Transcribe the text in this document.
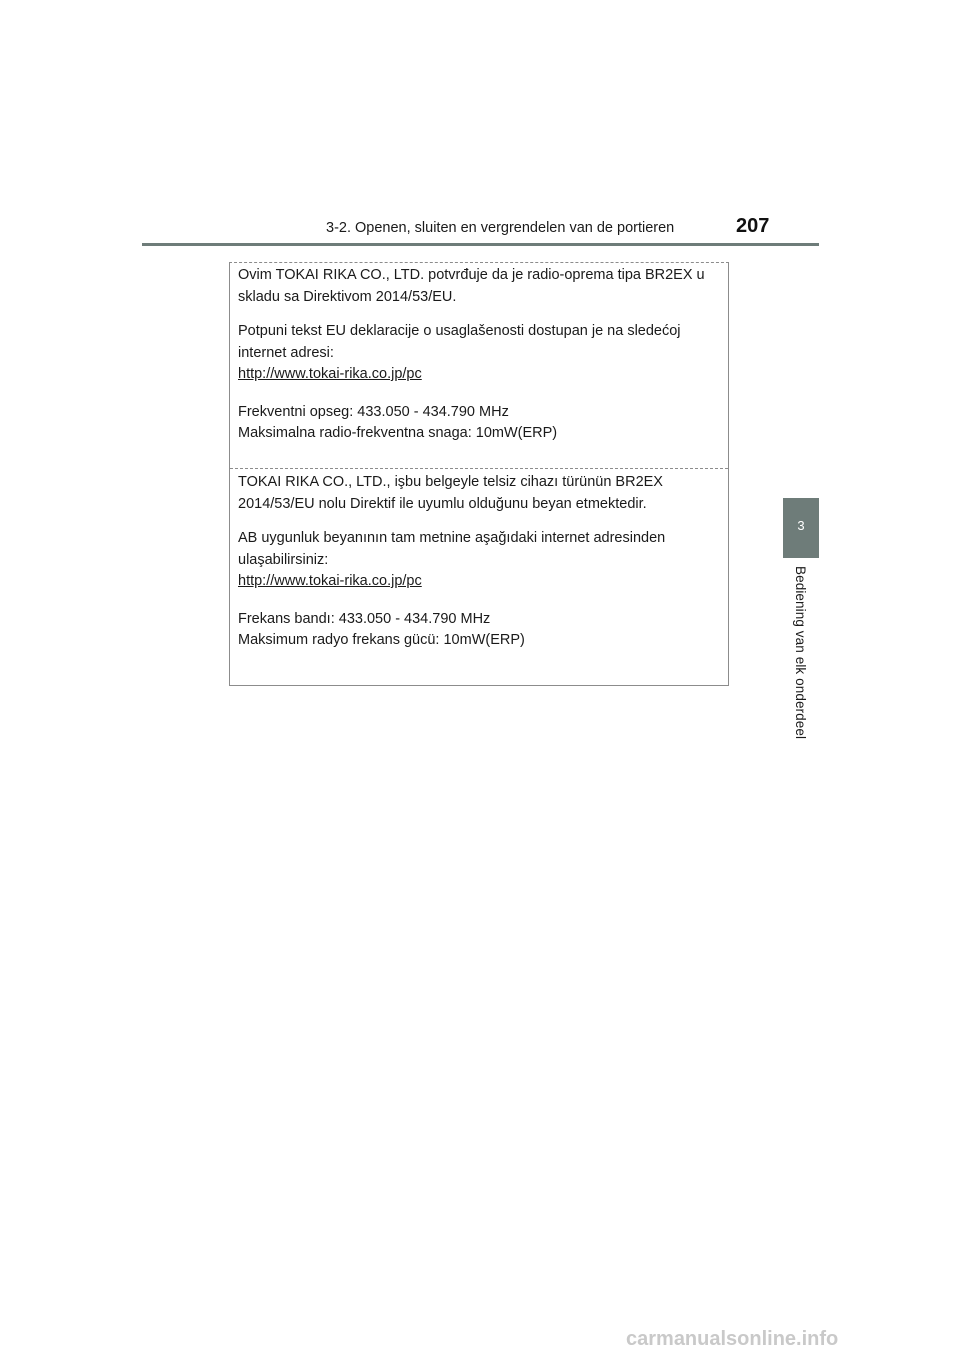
3-2. Openen, sluiten en vergrendelen van de portieren	207
3
Bediening van elk onderdeel

Ovim TOKAI RIKA CO., LTD. potvrđuje da je radio-oprema tipa BR2EX u skladu sa Direktivom 2014/53/EU.

Potpuni tekst EU deklaracije o usaglašenosti dostupan je na sledećoj internet adresi:

http://www.tokai-rika.co.jp/pc

Frekventni opseg: 433.050 - 434.790 MHz

Maksimalna radio-frekventna snaga: 10mW(ERP)

TOKAI RIKA CO., LTD., işbu belgeyle telsiz cihazı türünün BR2EX 2014/53/EU nolu Direktif ile uyumlu olduğunu beyan etmektedir.

AB uygunluk beyanının tam metnine aşağıdaki internet adresinden ulaşabilirsiniz:

http://www.tokai-rika.co.jp/pc

Frekans bandı: 433.050 - 434.790 MHz

Maksimum radyo frekans gücü: 10mW(ERP)

carmanualsonline.info
